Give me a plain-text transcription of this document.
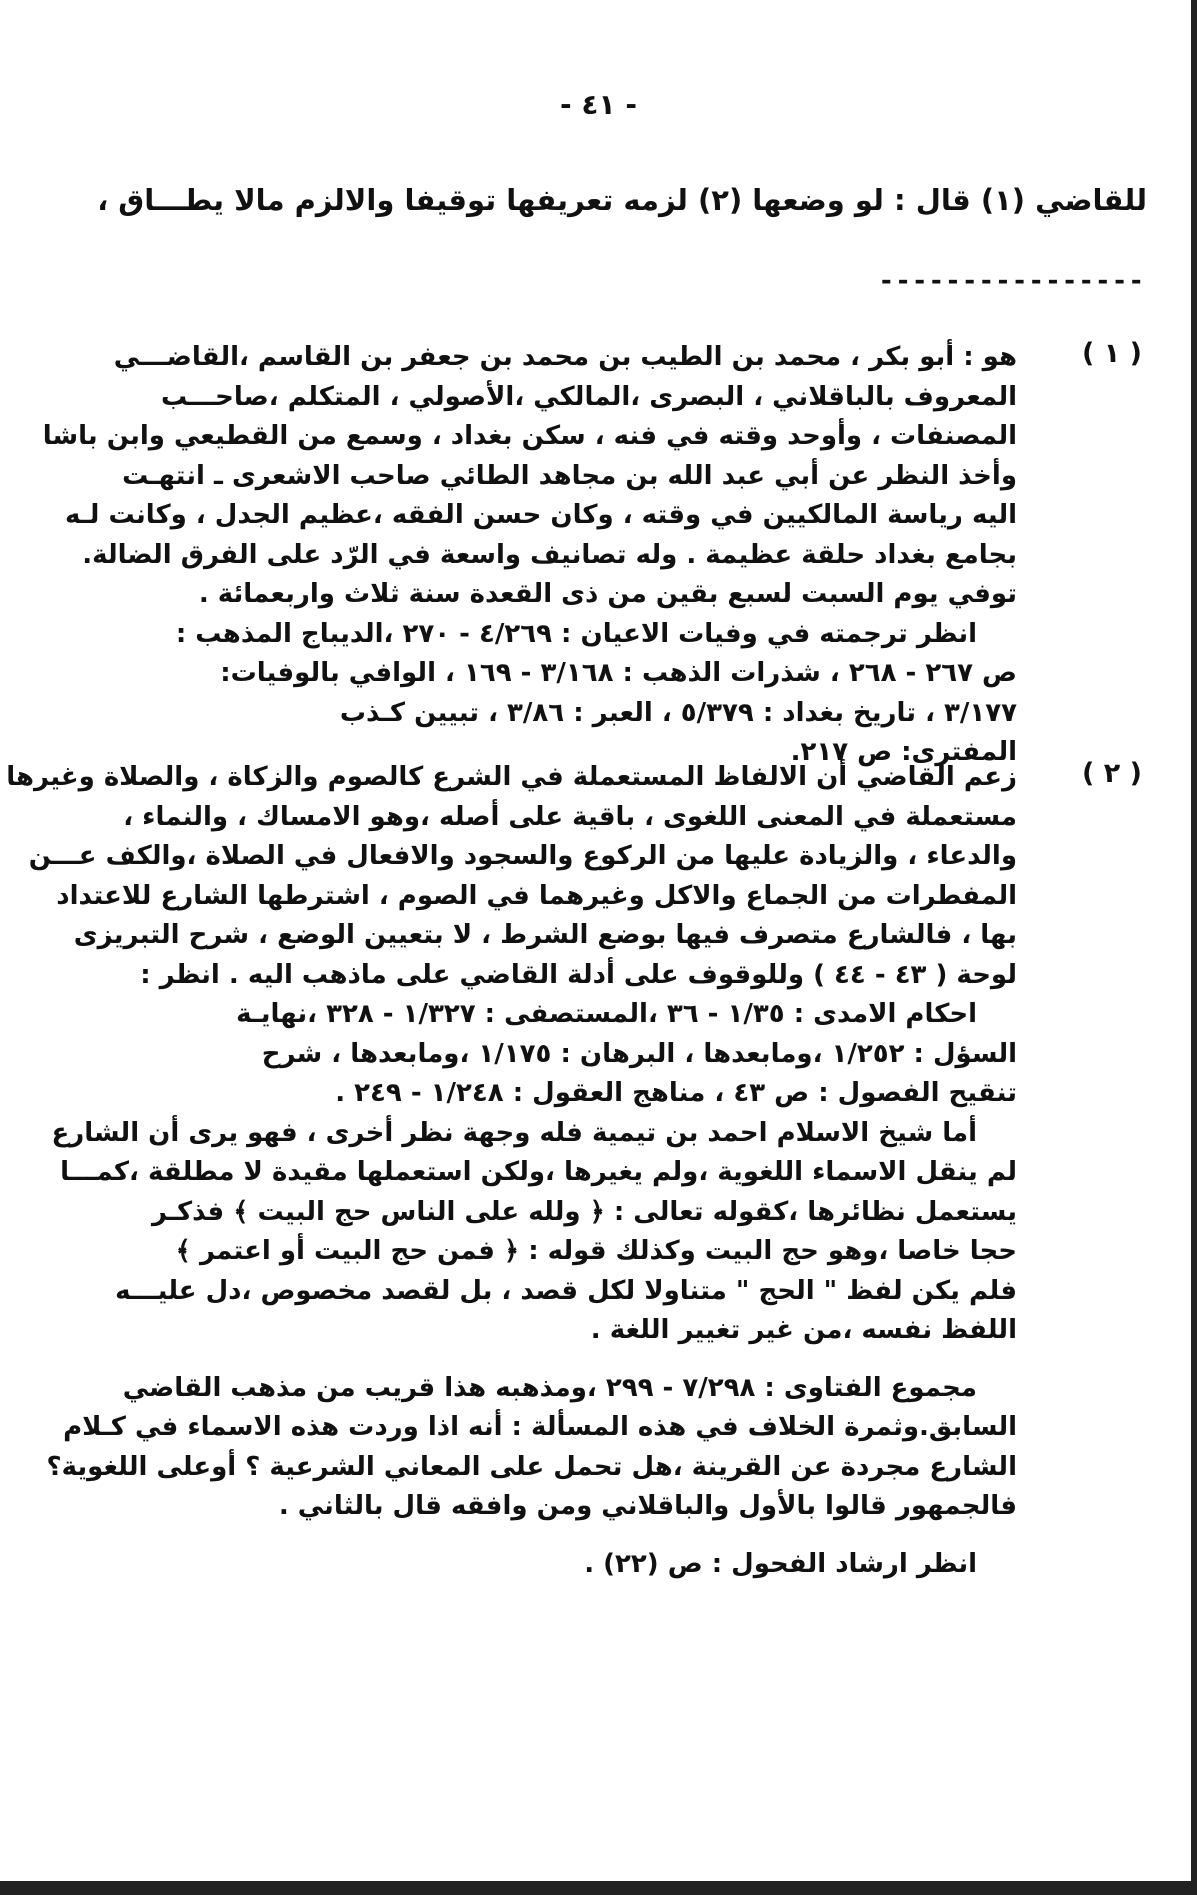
- ٤١ -
للقاضي (١) قال : لو وضعها (٢) لزمه تعريفها توقيفا والالزم مالا يطـــاق ،
----------------
( ١ )
هو : أبو بكر ، محمد بن الطيب بن محمد بن جعفر بن القاسم ،القاضـــي
المعروف بالباقلاني ، البصرى ،المالكي ،الأصولي ، المتكلم ،صاحـــب
المصنفات ، وأوحد وقته في فنه ، سكن بغداد ، وسمع من القطيعي وابن باشا
وأخذ النظر عن أبي عبد الله بن مجاهد الطائي صاحب الاشعرى ـ انتهـت
اليه رياسة المالكيين في وقته ، وكان حسن الفقه ،عظيم الجدل ، وكانت لـه
بجامع بغداد حلقة عظيمة . وله تصانيف واسعة في الرّد على الفرق الضالة.
توفي يوم السبت لسبع بقين من ذى القعدة سنة ثلاث واربعمائة .
انظر ترجمته في وفيات الاعيان : ٤/٢٦٩ - ٢٧٠ ،الديباج المذهب :
ص ٢٦٧ - ٢٦٨ ، شذرات الذهب : ٣/١٦٨ - ١٦٩ ، الوافي بالوفيات:
٣/١٧٧ ، تاريخ بغداد : ٥/٣٧٩ ، العبر : ٣/٨٦ ، تبيين كـذب
المفترى: ص ٢١٧.
( ٢ )
زعم القاضي أن الالفاظ المستعملة في الشرع كالصوم والزكاة ، والصلاة وغيرها
مستعملة في المعنى اللغوى ، باقية على أصله ،وهو الامساك ، والنماء ،
والدعاء ، والزيادة عليها من الركوع والسجود والافعال في الصلاة ،والكف عـــن
المفطرات من الجماع والاكل وغيرهما في الصوم ، اشترطها الشارع للاعتداد
بها ، فالشارع متصرف فيها بوضع الشرط ، لا بتعيين الوضع ، شرح التبريزى
لوحة ( ٤٣ - ٤٤ ) وللوقوف على أدلة القاضي على ماذهب اليه . انظر :
احكام الامدى : ١/٣٥ - ٣٦ ،المستصفى : ١/٣٢٧ - ٣٢٨ ،نهايـة
السؤل : ١/٢٥٢ ،ومابعدها ، البرهان : ١/١٧٥ ،ومابعدها ، شرح
تنقيح الفصول : ص ٤٣ ، مناهج العقول : ١/٢٤٨ - ٢٤٩ .
أما شيخ الاسلام احمد بن تيمية فله وجهة نظر أخرى ، فهو يرى أن الشارع
لم ينقل الاسماء اللغوية ،ولم يغيرها ،ولكن استعملها مقيدة لا مطلقة ،كمـــا
يستعمل نظائرها ،كقوله تعالى : ﴿ ولله على الناس حج البيت ﴾ فذكـر
حجا خاصا ،وهو حج البيت وكذلك قوله : ﴿ فمن حج البيت أو اعتمر ﴾
فلم يكن لفظ " الحج " متناولا لكل قصد ، بل لقصد مخصوص ،دل عليـــه
اللفظ نفسه ،من غير تغيير اللغة .
مجموع الفتاوى : ٧/٢٩٨ - ٢٩٩ ،ومذهبه هذا قريب من مذهب القاضي
السابق.وثمرة الخلاف في هذه المسألة : أنه اذا وردت هذه الاسماء في كـلام
الشارع مجردة عن القرينة ،هل تحمل على المعاني الشرعية ؟ أوعلى اللغوية؟
فالجمهور قالوا بالأول والباقلاني ومن وافقه قال بالثاني .
انظر ارشاد الفحول : ص (٢٢) .
